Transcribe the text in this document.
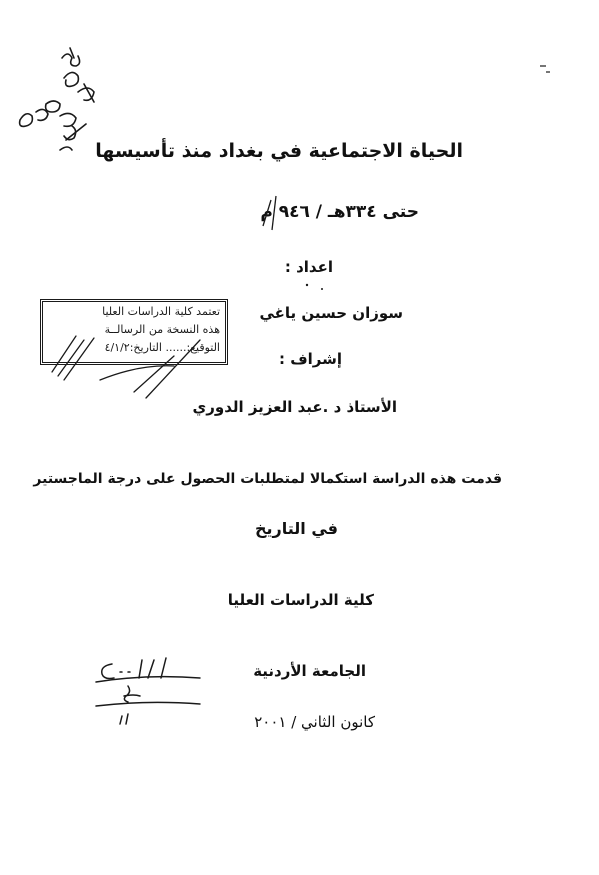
الحياة الاجتماعية في بغداد منذ تأسيسها
حتى ٣٣٤هـ / ٩٤٦ م
اعداد :
سوزان حسين ياغي
تعتمد كلية الدراسات العليا
هذه النسخة من الرسالــة
التوقيع:...... التاريخ:٤/١/٢
إشراف :
الأستاذ د .عبد العزيز الدوري
قدمت هذه الدراسة استكمالا لمتطلبات الحصول على درجة الماجستير
في التاريخ
كلية الدراسات العليا
الجامعة الأردنية
كانون الثاني / ٢٠٠١
